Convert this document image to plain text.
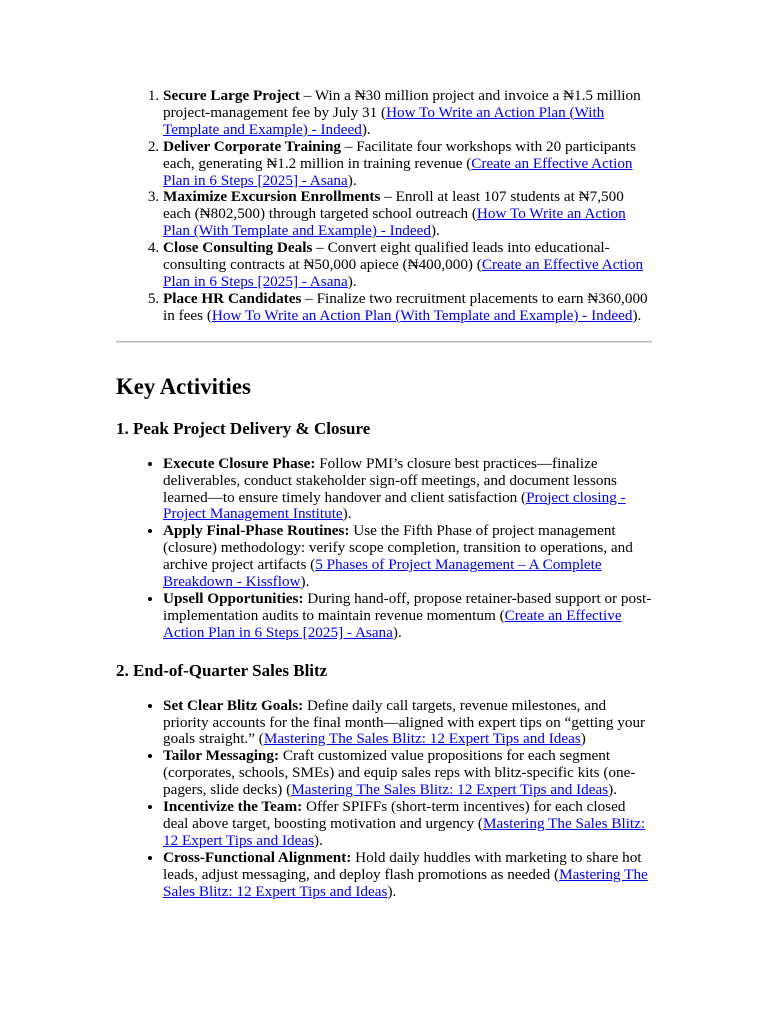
1. Secure Large Project – Win a ₦30 million project and invoice a ₦1.5 million project-management fee by July 31 (How To Write an Action Plan (With Template and Example) - Indeed).
2. Deliver Corporate Training – Facilitate four workshops with 20 participants each, generating ₦1.2 million in training revenue (Create an Effective Action Plan in 6 Steps [2025] - Asana).
3. Maximize Excursion Enrollments – Enroll at least 107 students at ₦7,500 each (₦802,500) through targeted school outreach (How To Write an Action Plan (With Template and Example) - Indeed).
4. Close Consulting Deals – Convert eight qualified leads into educational-consulting contracts at ₦50,000 apiece (₦400,000) (Create an Effective Action Plan in 6 Steps [2025] - Asana).
5. Place HR Candidates – Finalize two recruitment placements to earn ₦360,000 in fees (How To Write an Action Plan (With Template and Example) - Indeed).
Key Activities
1. Peak Project Delivery & Closure
• Execute Closure Phase: Follow PMI’s closure best practices—finalize deliverables, conduct stakeholder sign-off meetings, and document lessons learned—to ensure timely handover and client satisfaction (Project closing - Project Management Institute).
• Apply Final-Phase Routines: Use the Fifth Phase of project management (closure) methodology: verify scope completion, transition to operations, and archive project artifacts (5 Phases of Project Management – A Complete Breakdown - Kissflow).
• Upsell Opportunities: During hand-off, propose retainer-based support or post-implementation audits to maintain revenue momentum (Create an Effective Action Plan in 6 Steps [2025] - Asana).
2. End-of-Quarter Sales Blitz
• Set Clear Blitz Goals: Define daily call targets, revenue milestones, and priority accounts for the final month—aligned with expert tips on “getting your goals straight.” (Mastering The Sales Blitz: 12 Expert Tips and Ideas)
• Tailor Messaging: Craft customized value propositions for each segment (corporates, schools, SMEs) and equip sales reps with blitz-specific kits (one-pagers, slide decks) (Mastering The Sales Blitz: 12 Expert Tips and Ideas).
• Incentivize the Team: Offer SPIFFs (short-term incentives) for each closed deal above target, boosting motivation and urgency (Mastering The Sales Blitz: 12 Expert Tips and Ideas).
• Cross-Functional Alignment: Hold daily huddles with marketing to share hot leads, adjust messaging, and deploy flash promotions as needed (Mastering The Sales Blitz: 12 Expert Tips and Ideas).
